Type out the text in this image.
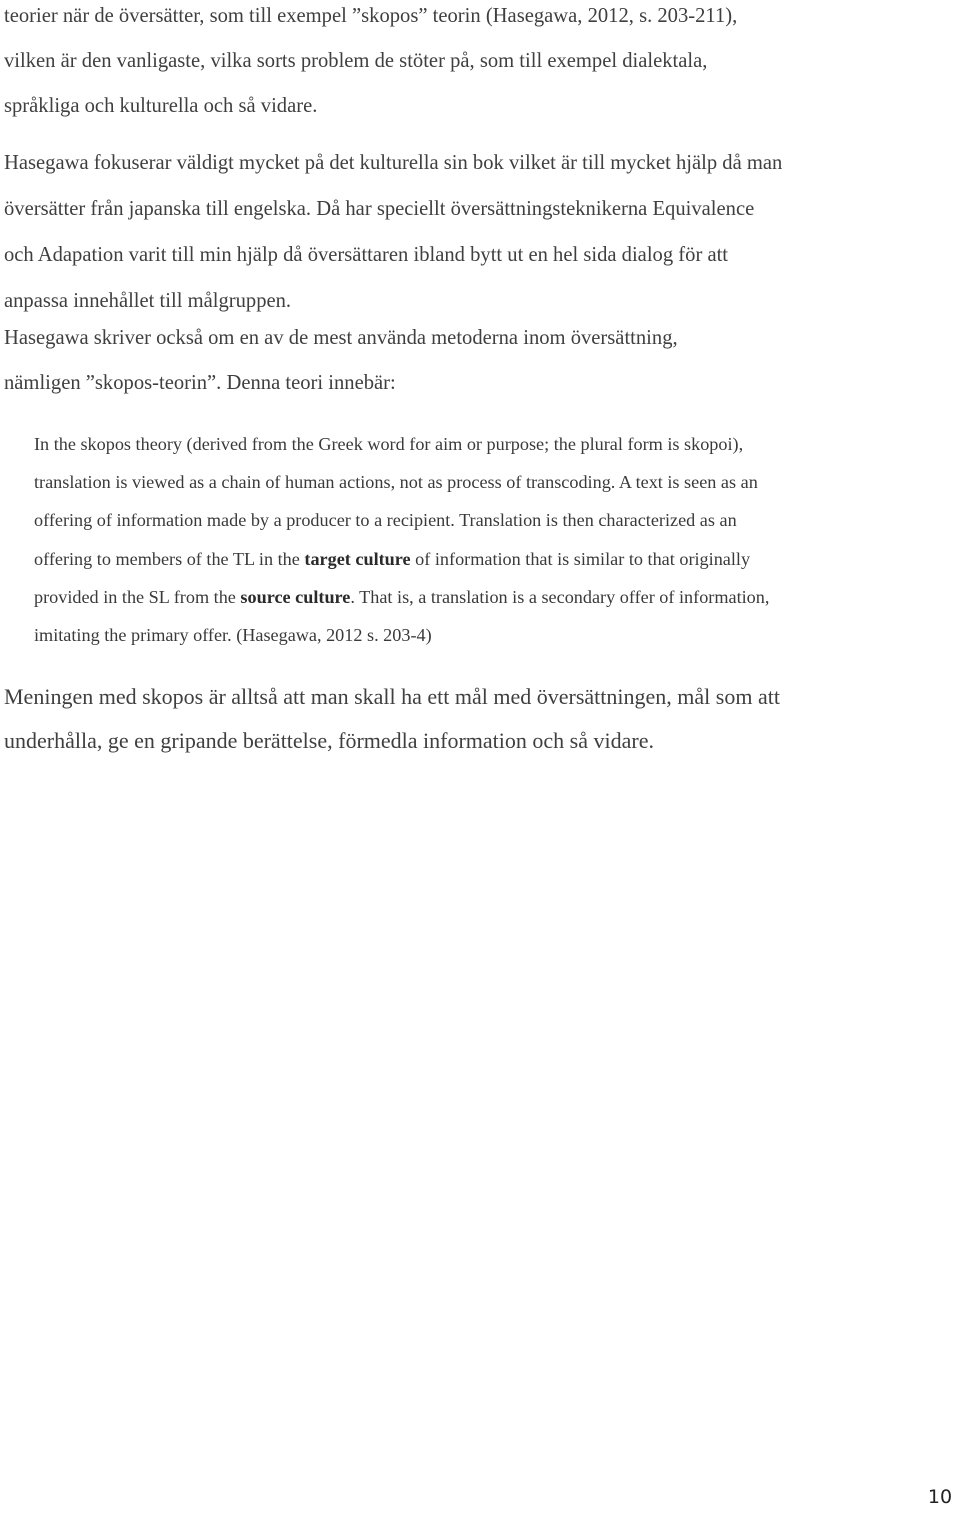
teorier när de översätter, som till exempel ”skopos” teorin (Hasegawa, 2012, s. 203-211),
vilken är den vanligaste, vilka sorts problem de stöter på, som till exempel dialektala,
språkliga och kulturella och så vidare.

Hasegawa fokuserar väldigt mycket på det kulturella sin bok vilket är till mycket hjälp då man
översätter från japanska till engelska. Då har speciellt översättningsteknikerna Equivalence
och Adapation varit till min hjälp då översättaren ibland bytt ut en hel sida dialog för att
anpassa innehållet till målgruppen.

Hasegawa skriver också om en av de mest använda metoderna inom översättning,
nämligen ”skopos-teorin”. Denna teori innebär:

In the skopos theory (derived from the Greek word for aim or purpose; the plural form is skopoi),
translation is viewed as a chain of human actions, not as process of transcoding. A text is seen as an
offering of information made by a producer to a recipient. Translation is then characterized as an
offering to members of the TL in the target culture of information that is similar to that originally
provided in the SL from the source culture. That is, a translation is a secondary offer of information,
imitating the primary offer. (Hasegawa, 2012 s. 203-4)

Meningen med skopos är alltså att man skall ha ett mål med översättningen, mål som att
underhålla, ge en gripande berättelse, förmedla information och så vidare.

10
